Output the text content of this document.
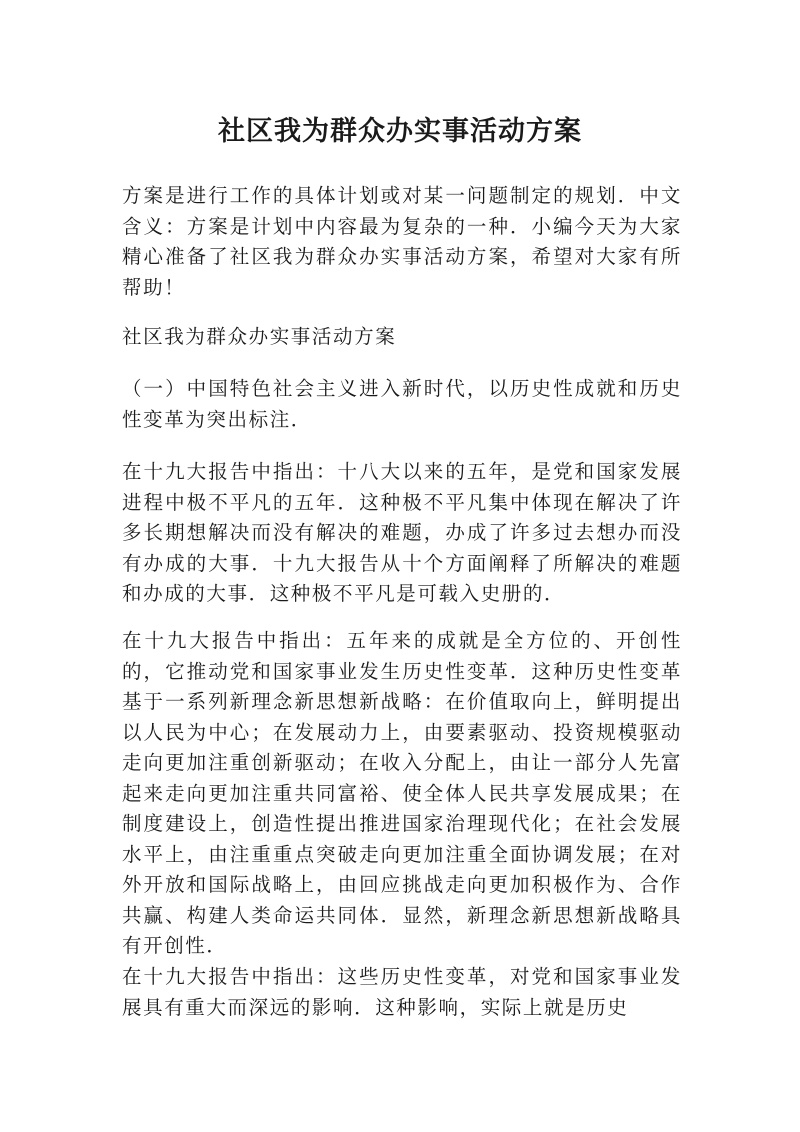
社区我为群众办实事活动方案

方案是进行工作的具体计划或对某一问题制定的规划．中文含义：方案是计划中内容最为复杂的一种．小编今天为大家精心准备了社区我为群众办实事活动方案，希望对大家有所帮助！

社区我为群众办实事活动方案

（一）中国特色社会主义进入新时代，以历史性成就和历史性变革为突出标注．

在十九大报告中指出：十八大以来的五年，是党和国家发展进程中极不平凡的五年．这种极不平凡集中体现在解决了许多长期想解决而没有解决的难题，办成了许多过去想办而没有办成的大事．十九大报告从十个方面阐释了所解决的难题和办成的大事．这种极不平凡是可载入史册的．

在十九大报告中指出：五年来的成就是全方位的、开创性的，它推动党和国家事业发生历史性变革．这种历史性变革基于一系列新理念新思想新战略：在价值取向上，鲜明提出以人民为中心；在发展动力上，由要素驱动、投资规模驱动走向更加注重创新驱动；在收入分配上，由让一部分人先富起来走向更加注重共同富裕、使全体人民共享发展成果；在制度建设上，创造性提出推进国家治理现代化；在社会发展水平上，由注重重点突破走向更加注重全面协调发展；在对外开放和国际战略上，由回应挑战走向更加积极作为、合作共赢、构建人类命运共同体．显然，新理念新思想新战略具有开创性．

在十九大报告中指出：这些历史性变革，对党和国家事业发展具有重大而深远的影响．这种影响，实际上就是历史
